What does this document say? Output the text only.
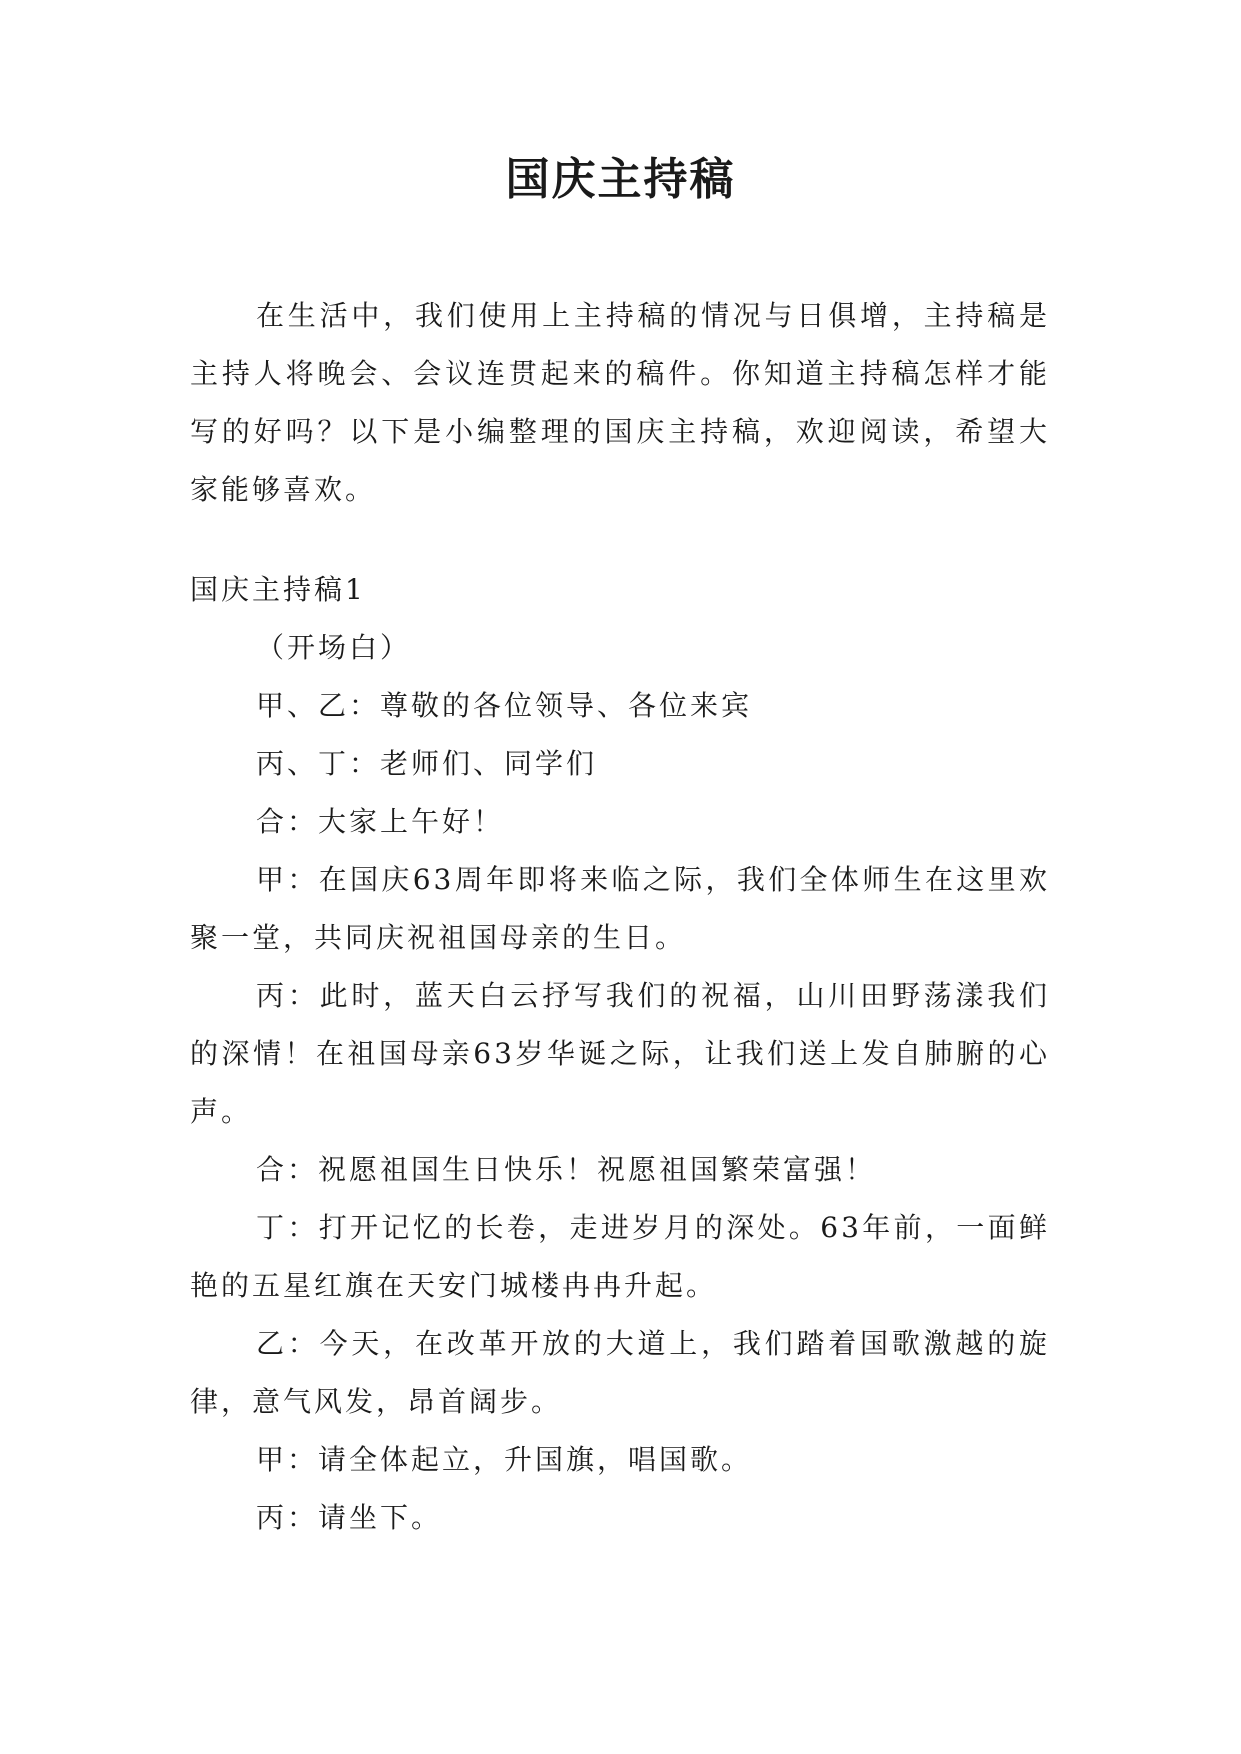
国庆主持稿

在生活中，我们使用上主持稿的情况与日俱增，主持稿是主持人将晚会、会议连贯起来的稿件。你知道主持稿怎样才能写的好吗？以下是小编整理的国庆主持稿，欢迎阅读，希望大家能够喜欢。

国庆主持稿1

（开场白）

甲、乙：尊敬的各位领导、各位来宾

丙、丁：老师们、同学们

合：大家上午好！

甲：在国庆63周年即将来临之际，我们全体师生在这里欢聚一堂，共同庆祝祖国母亲的生日。

丙：此时，蓝天白云抒写我们的祝福，山川田野荡漾我们的深情！在祖国母亲63岁华诞之际，让我们送上发自肺腑的心声。

合：祝愿祖国生日快乐！祝愿祖国繁荣富强！

丁：打开记忆的长卷，走进岁月的深处。63年前，一面鲜艳的五星红旗在天安门城楼冉冉升起。

乙：今天，在改革开放的大道上，我们踏着国歌激越的旋律，意气风发，昂首阔步。

甲：请全体起立，升国旗，唱国歌。

丙：请坐下。
